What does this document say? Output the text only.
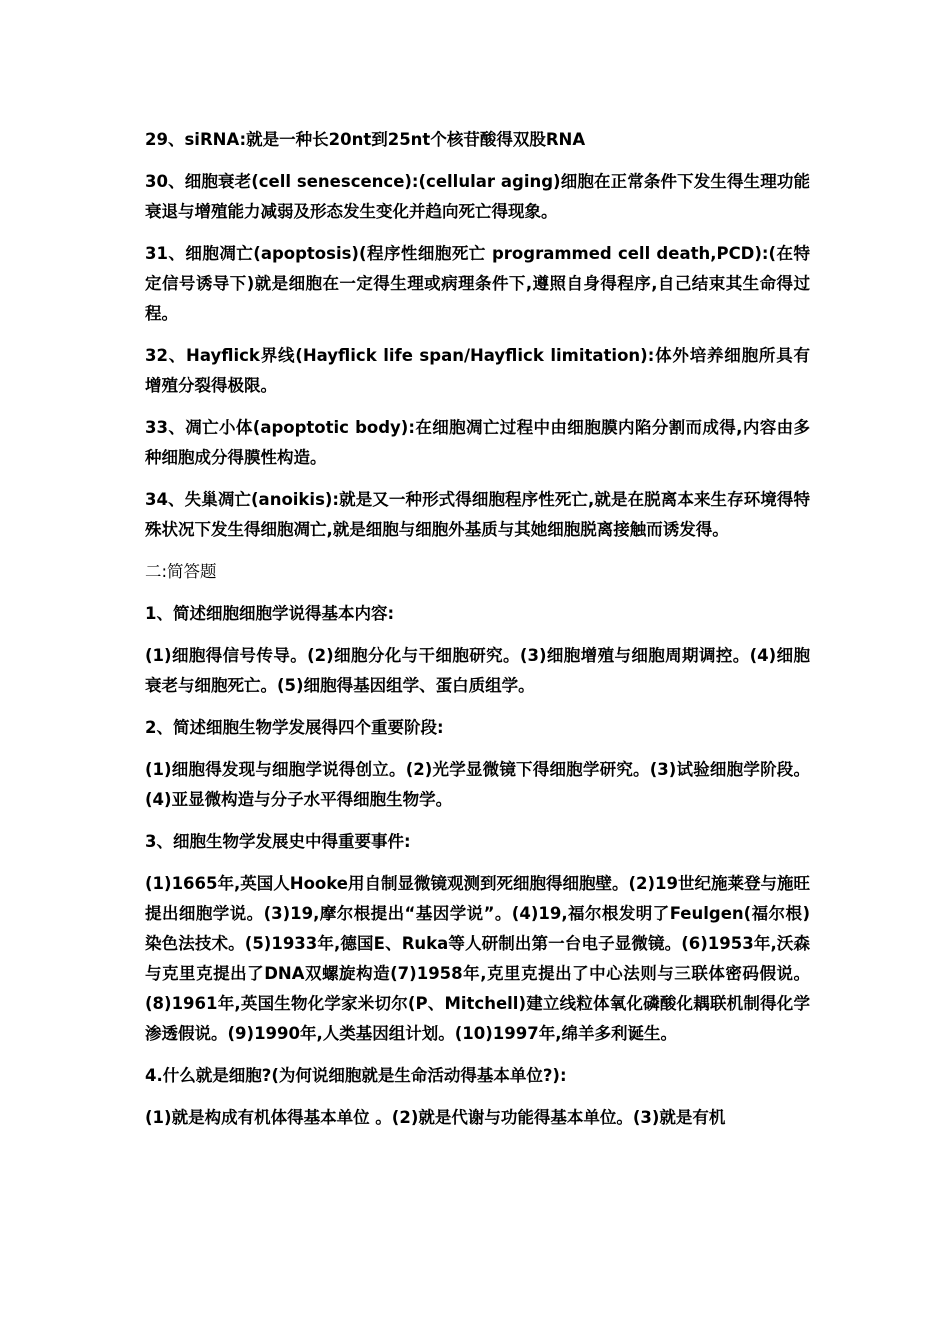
29、siRNA:就是一种长20nt到25nt个核苷酸得双股RNA

30、细胞衰老(cell senescence):(cellular aging)细胞在正常条件下发生得生理功能衰退与增殖能力减弱及形态发生变化并趋向死亡得现象。

31、细胞凋亡(apoptosis)(程序性细胞死亡 programmed cell death,PCD):(在特定信号诱导下)就是细胞在一定得生理或病理条件下,遵照自身得程序,自己结束其生命得过程。

32、Hayflick界线(Hayflick life span/Hayflick limitation):体外培养细胞所具有增殖分裂得极限。

33、凋亡小体(apoptotic body):在细胞凋亡过程中由细胞膜内陷分割而成得,内容由多种细胞成分得膜性构造。

34、失巢凋亡(anoikis):就是又一种形式得细胞程序性死亡,就是在脱离本来生存环境得特殊状况下发生得细胞凋亡,就是细胞与细胞外基质与其她细胞脱离接触而诱发得。

二:简答题

1、简述细胞细胞学说得基本内容:

(1)细胞得信号传导。(2)细胞分化与干细胞研究。(3)细胞增殖与细胞周期调控。(4)细胞衰老与细胞死亡。(5)细胞得基因组学、蛋白质组学。

2、简述细胞生物学发展得四个重要阶段:

(1)细胞得发现与细胞学说得创立。(2)光学显微镜下得细胞学研究。(3)试验细胞学阶段。(4)亚显微构造与分子水平得细胞生物学。

3、细胞生物学发展史中得重要事件:

(1)1665年,英国人Hooke用自制显微镜观测到死细胞得细胞壁。(2)19世纪施莱登与施旺提出细胞学说。(3)19,摩尔根提出“基因学说”。(4)19,福尔根发明了Feulgen(福尔根)染色法技术。(5)1933年,德国E、Ruka等人研制出第一台电子显微镜。(6)1953年,沃森与克里克提出了DNA双螺旋构造(7)1958年,克里克提出了中心法则与三联体密码假说。(8)1961年,英国生物化学家米切尔(P、Mitchell)建立线粒体氧化磷酸化耦联机制得化学渗透假说。(9)1990年,人类基因组计划。(10)1997年,绵羊多利诞生。

4.什么就是细胞?(为何说细胞就是生命活动得基本单位?):

(1)就是构成有机体得基本单位 。(2)就是代谢与功能得基本单位。(3)就是有机
